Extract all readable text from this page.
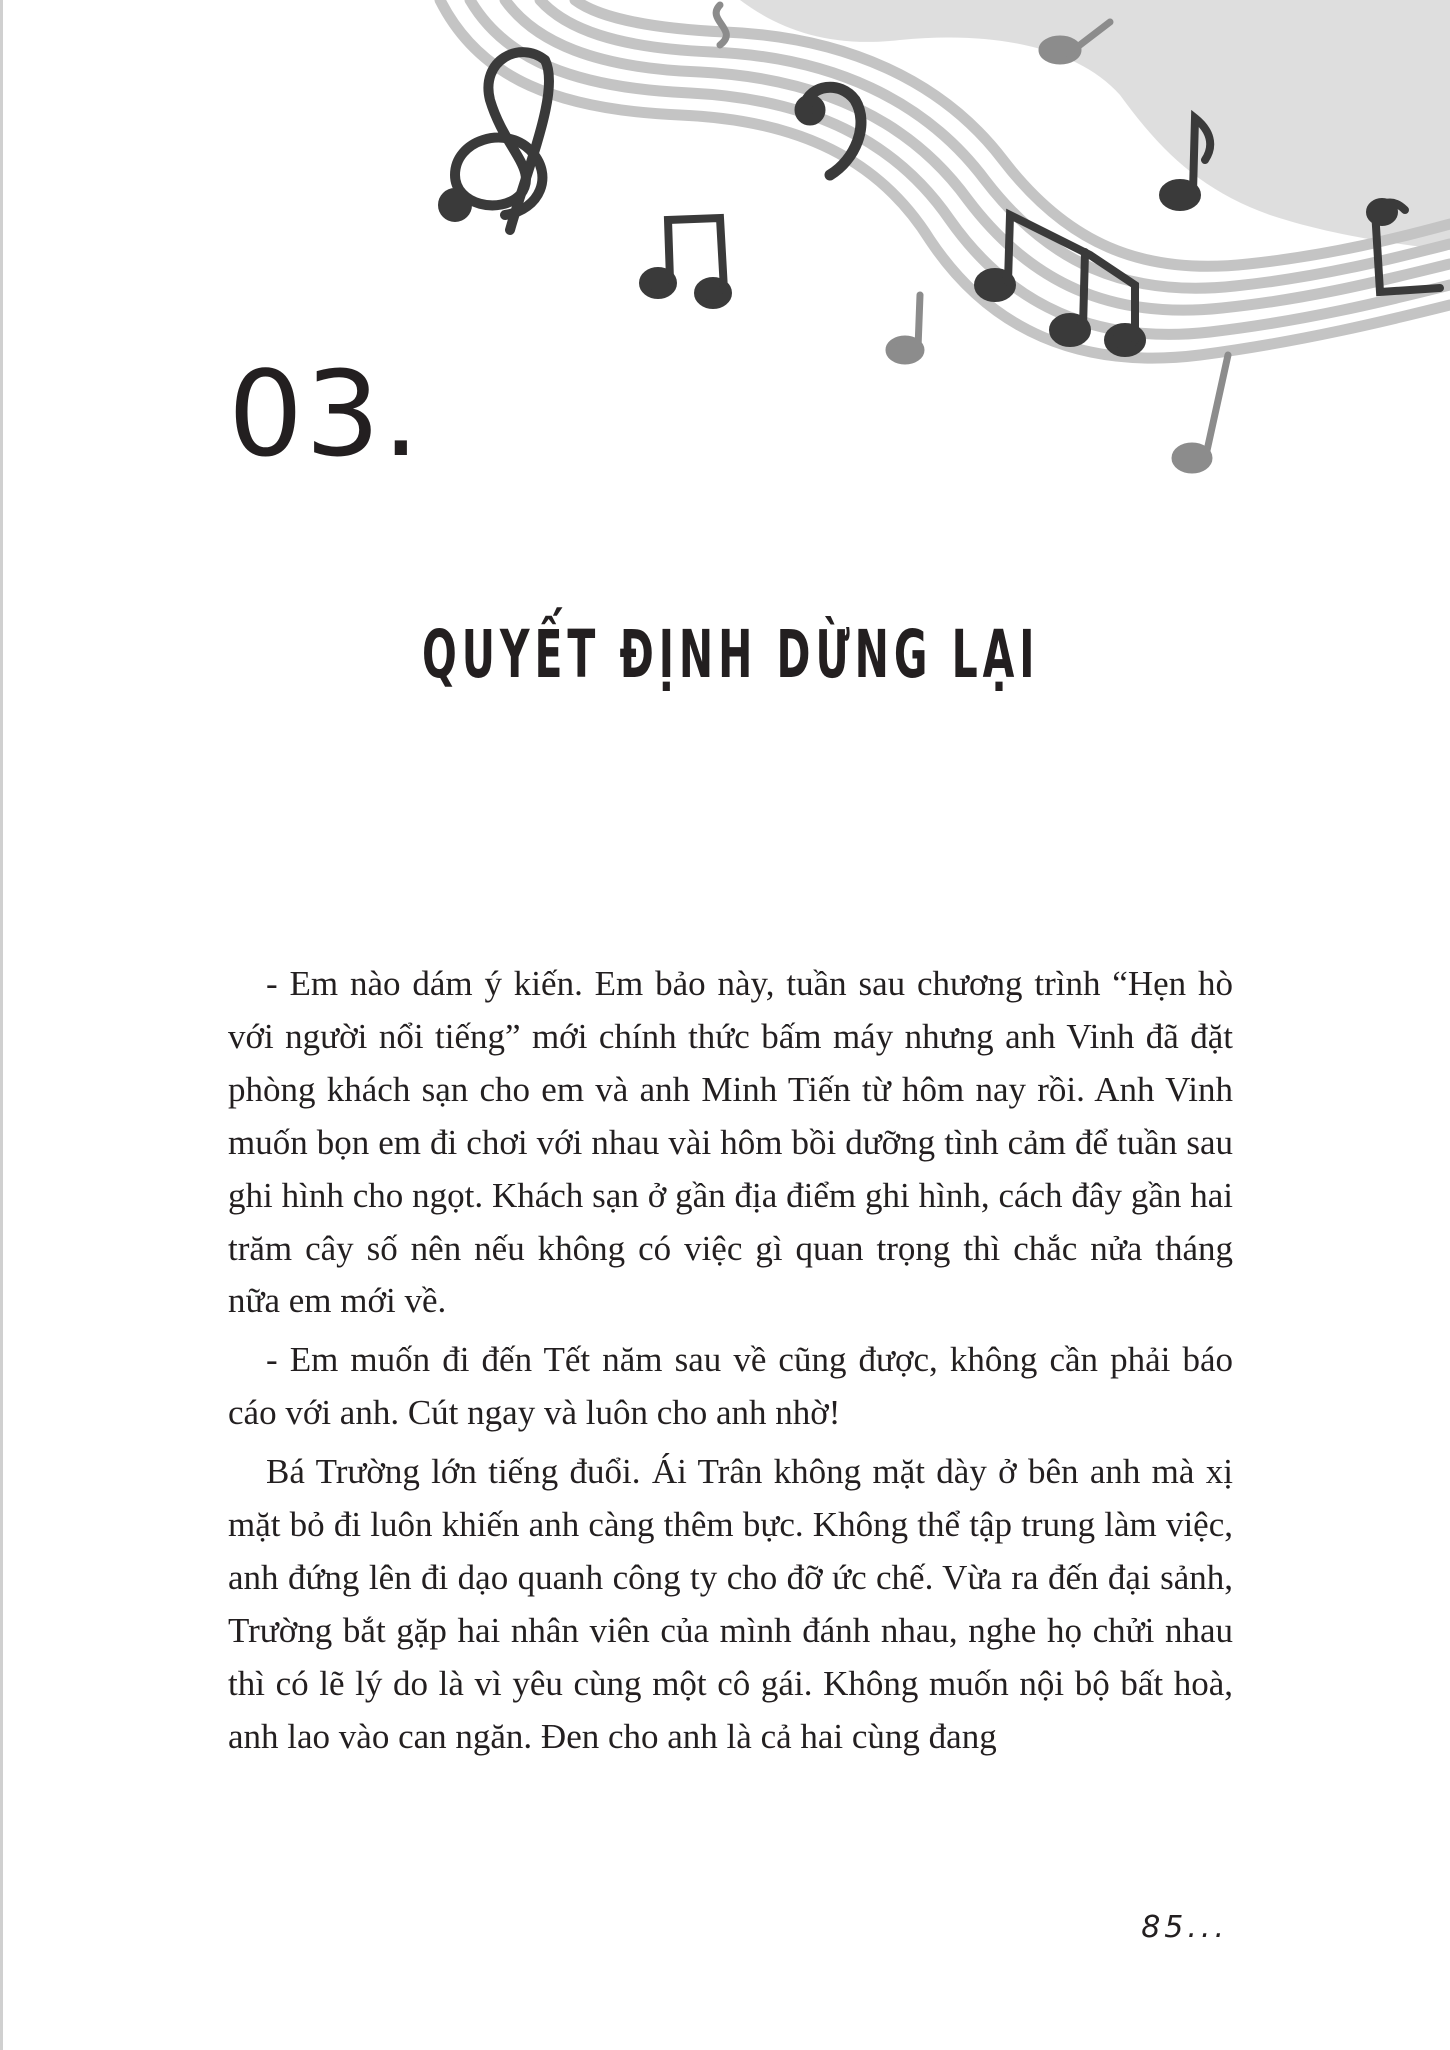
03.
QUYẾT ĐỊNH DỪNG LẠI

- Em nào dám ý kiến. Em bảo này, tuần sau chương trình “Hẹn hò với người nổi tiếng” mới chính thức bấm máy nhưng anh Vinh đã đặt phòng khách sạn cho em và anh Minh Tiến từ hôm nay rồi. Anh Vinh muốn bọn em đi chơi với nhau vài hôm bồi dưỡng tình cảm để tuần sau ghi hình cho ngọt. Khách sạn ở gần địa điểm ghi hình, cách đây gần hai trăm cây số nên nếu không có việc gì quan trọng thì chắc nửa tháng nữa em mới về.

- Em muốn đi đến Tết năm sau về cũng được, không cần phải báo cáo với anh. Cút ngay và luôn cho anh nhờ!

Bá Trường lớn tiếng đuổi. Ái Trân không mặt dày ở bên anh mà xị mặt bỏ đi luôn khiến anh càng thêm bực. Không thể tập trung làm việc, anh đứng lên đi dạo quanh công ty cho đỡ ức chế. Vừa ra đến đại sảnh, Trường bắt gặp hai nhân viên của mình đánh nhau, nghe họ chửi nhau thì có lẽ lý do là vì yêu cùng một cô gái. Không muốn nội bộ bất hoà, anh lao vào can ngăn. Đen cho anh là cả hai cùng đang

85...
